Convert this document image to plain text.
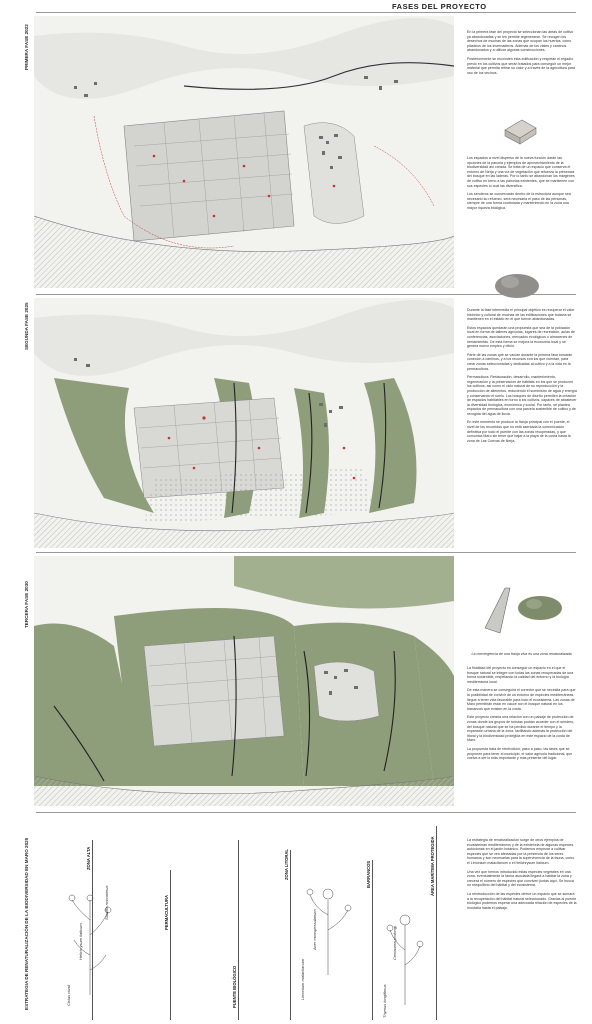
FASES DEL PROYECTO
PRIMERA FASE 2022
SEGUNDA FASE 2025
TERCERA FASE 2030
ESTRATEGIA DE RENATURALIZACIÓN DE LA BIODIVERSIDAD EN MARO 2025

En la primera fase del proyecto se seleccionan las áreas de cultivo ya abandonadas y se les permite regenerarse. Se recogen los desechos de muchas de las zonas que ocupan los huertos, como plásticos de los invernaderos. Además de los viales y caminos abandonados y a utilizar algunas construcciones.

Posteriormente se esconden esta edificación y respetan el regadío previo en los cultivos que serán tratados para conseguir un mejor material que permita retirar su valor y a través de la agricultura para uso de los vecinos.

Los espacios a nivel disperso de la nueva función darán las opciones de la parcela y ejemplos de aprovechamiento de la biodiversidad así creada. Se trata de un espacio que conserva el entorno de Nerja y una vía de vegetación que refuerza la presencia del bosque en las laderas. Por lo tanto se abandonan los márgenes de cultivo en torno a las parcelas existentes, que se mantienen con sus especies lo cual las diversifica.

Los senderos se conservarán dentro de la estructura aunque sea necesario su refuerzo, será necesaria el paso de las personas, siempre de una forma controlada y manteniendo en la zona una mayor riqueza biológica.

Durante la fase intermedia el principal objetivo es recuperar el valor histórico y cultural de muchas de las edificaciones que todavía se mantienen en el estado en el que fueron abandonadas.

Estos espacios quedarán una propuesta que sea de la población local en forma de talleres agrícolas, lugares de recreación, aulas de conferencias, asociaciones, mercados ecológicos o almacenes de herramientas. De esta forma se mejora la economía local y se genera nuevo empleo y oficio.

Parte de las zonas que se vacían durante la primera fase tomarán conexión a caminos, y a los recursos con los que cuentan, para crear zonas seleccionadas y dedicadas al cultivo y a la vida en la permacultura.

Permacultura: Restauración, desarrollo, mantenimiento, regeneración y la preservación de hábitats en los que se producen los cultivos, así como el ciclo natural de su reproducción y la producción de alimentos, reduciendo el suministro de agua y energía y conservando el suelo. Los bosques de diseño permiten la creación de espacios habitables en torno a los cultivos, capaces de abastecer la diversidad biológica, económica y social. Por tanto, se plantea espacios de permacultura con una parcela sostenible de cultivo y de recogida del agua de lluvia.

En este momento se produce la franja principal con el puente, el nivel de los recorridos que no está asentada la comunicación definitiva por todo el puente con las zonas recuperadas, y que comunica Maro sin tener que bajar a la playa de la costa hasta la zona de Las Cuevas de Nerja.

La convergencia de una franja viva es una zona renaturalizada.

La finalidad del proyecto es conseguir un espacio en el que el bosque natural se integre con todas las zonas recuperadas de una forma sostenible, respetando la calidad del entorno y la biología mediterránea local.

De esta manera se conseguirá el corredor que se necesita para que la posibilidad de convivir de un entorno de especies mediterráneas llegue a tener vida favorable para todo el ecosistema. Las zonas de Maro permitirán estar en cauce con el bosque natural en los barrancos que existen en la costa.

Este proyecto crearía una relación con un paisaje de protección de zonas donde los grupos de turistas podrán acceder con el sendero, del bosque natural que se ha perdido durante el tiempo y la expansión urbana de la zona, facilitando además la protección del litoral y la biodiversidad protegida en este espacio de la costa de Maro.

La propuesta trata de reintroducir, paso a paso, las fases que se proponen para tener el municipio, el valor agrícola tradicional, que vuelva a ser lo más importante y más presente del lugar.

La estrategia de renaturalización surge de otros ejemplos de ecosistemas mediterráneos y de la existencia de algunas especies autóctonas en el jardín botánico. Podemos empezar a cultivar especies que se ven afectadas por la presencia de los seres humanos y son necesarias para la supervivencia de la fauna, como el Limonium malacitanum o el Helichrysum italicum.

Una vez que hemos introducido estas especies vegetales en una zona, eventualmente la fauna asociada llegará a habitar la zona y crecerá el número de especies que conviven juntas aquí. Se busca un reequilibrio del hábitat y del ecosistema.

La reintroducción de las especies ofrece un espacio que se sumará a la recuperación del hábitat natural seleccionado. Gracias al puente biológico podemos esperar una adecuada relación de especies de la montaña hasta el paisaje.

ZONA ALTA
PERMACULTURA
PUENTE BIOLÓGICO
ZONA LITORAL	BARRANCOS	ÁREA MARÍTIMA PROTEGIDA
Cistus clusii
Helichrysum italicum
Stauffia rosmarinus
Limonium malacitanum
Acer monspessulanum
Thymus longiflorus
Centaurea prolongi
